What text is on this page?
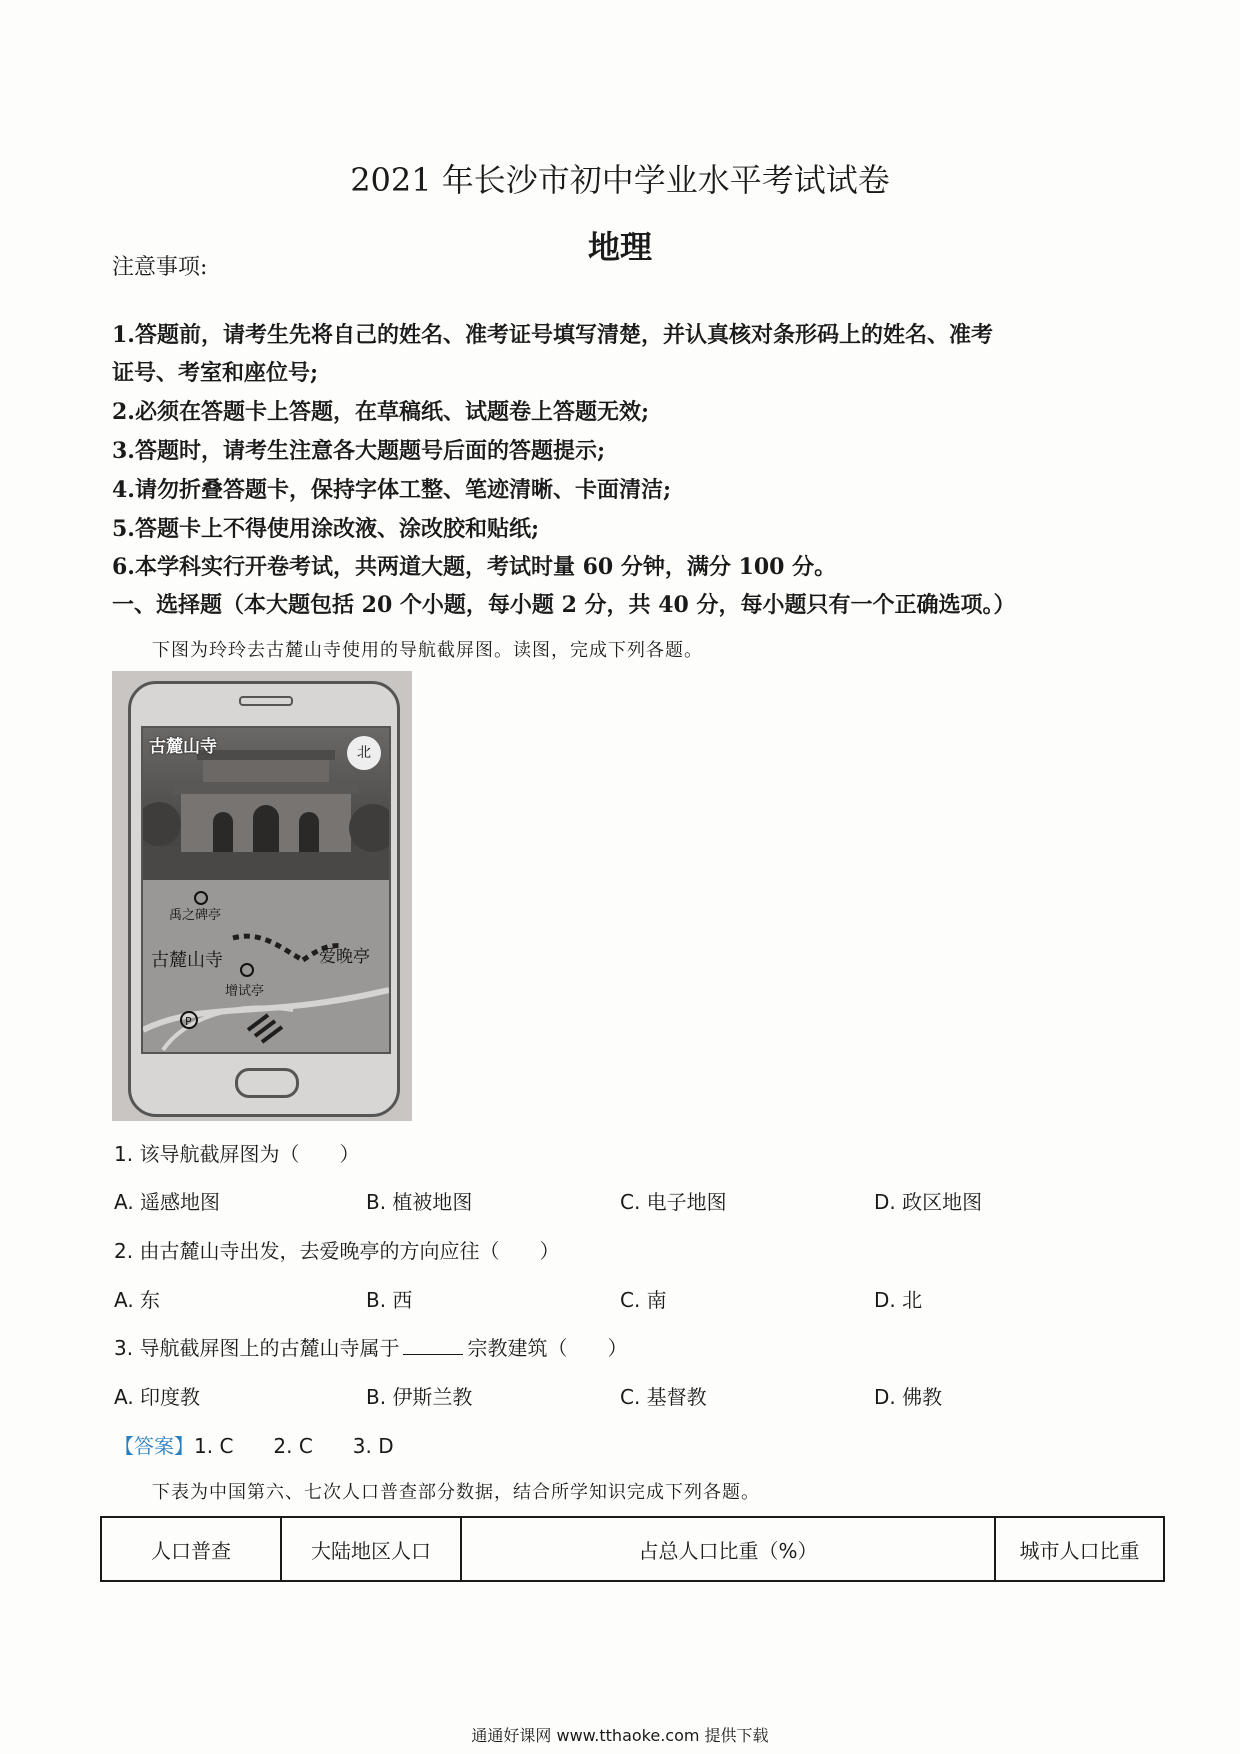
2021 年长沙市初中学业水平考试试卷
地理
注意事项:
1.答题前，请考生先将自己的姓名、准考证号填写清楚，并认真核对条形码上的姓名、准考
证号、考室和座位号;
2.必须在答题卡上答题，在草稿纸、试题卷上答题无效;
3.答题时，请考生注意各大题题号后面的答题提示;
4.请勿折叠答题卡，保持字体工整、笔迹清晰、卡面清洁;
5.答题卡上不得使用涂改液、涂改胶和贴纸;
6.本学科实行开卷考试，共两道大题，考试时量 60 分钟，满分 100 分。
一、选择题（本大题包括 20 个小题，每小题 2 分，共 40 分，每小题只有一个正确选项。）
下图为玲玲去古麓山寺使用的导航截屏图。读图，完成下列各题。
古麓山寺	北
P
禹之碑亭
古麓山寺	爱晚亭
增试亭
1. 该导航截屏图为（　　）
A. 遥感地图	B. 植被地图	C. 电子地图	D. 政区地图
2. 由古麓山寺出发，去爱晚亭的方向应往（　　）
A. 东	B. 西	C. 南	D. 北
3. 导航截屏图上的古麓山寺属于	宗教建筑（　　）
A. 印度教	B. 伊斯兰教	C. 基督教	D. 佛教
【答案】1. C　　2. C　　3. D
下表为中国第六、七次人口普查部分数据，结合所学知识完成下列各题。
人口普查	大陆地区人口	占总人口比重（%）	城市人口比重
通通好课网 www.tthaoke.com 提供下载
